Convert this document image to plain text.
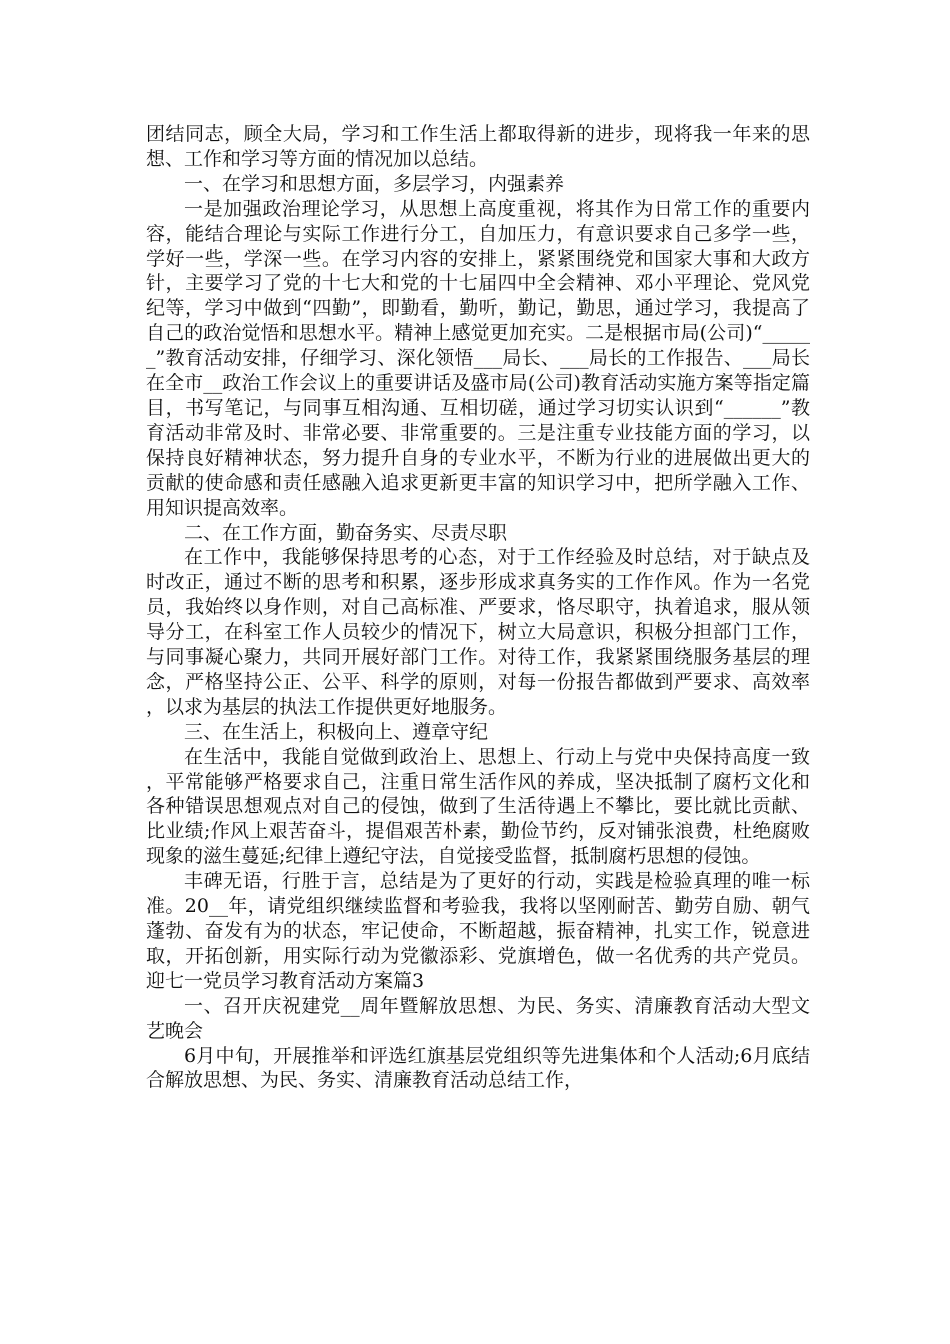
团结同志，顾全大局，学习和工作生活上都取得新的进步，现将我一年来的思想、工作和学习等方面的情况加以总结。

一、在学习和思想方面，多层学习，内强素养

一是加强政治理论学习，从思想上高度重视，将其作为日常工作的重要内容，能结合理论与实际工作进行分工，自加压力，有意识要求自己多学一些，学好一些，学深一些。在学习内容的安排上，紧紧围绕党和国家大事和大政方针，主要学习了党的十七大和党的十七届四中全会精神、邓小平理论、党风党纪等，学习中做到“四勤”，即勤看，勤听，勤记，勤思，通过学习，我提高了自己的政治觉悟和思想水平。精神上感觉更加充实。二是根据市局(公司)“______”教育活动安排，仔细学习、深化领悟___局长、___局长的工作报告、___局长在全市__政治工作会议上的重要讲话及盛市局(公司)教育活动实施方案等指定篇目，书写笔记，与同事互相沟通、互相切磋，通过学习切实认识到“______”教育活动非常及时、非常必要、非常重要的。三是注重专业技能方面的学习，以保持良好精神状态，努力提升自身的专业水平，不断为行业的进展做出更大的贡献的使命感和责任感融入追求更新更丰富的知识学习中，把所学融入工作、用知识提高效率。

二、在工作方面，勤奋务实、尽责尽职

在工作中，我能够保持思考的心态，对于工作经验及时总结，对于缺点及时改正，通过不断的思考和积累，逐步形成求真务实的工作作风。作为一名党员，我始终以身作则，对自己高标准、严要求，恪尽职守，执着追求，服从领导分工，在科室工作人员较少的情况下，树立大局意识，积极分担部门工作，与同事凝心聚力，共同开展好部门工作。对待工作，我紧紧围绕服务基层的理念，严格坚持公正、公平、科学的原则，对每一份报告都做到严要求、高效率，以求为基层的执法工作提供更好地服务。

三、在生活上，积极向上、遵章守纪

在生活中，我能自觉做到政治上、思想上、行动上与党中央保持高度一致，平常能够严格要求自己，注重日常生活作风的养成，坚决抵制了腐朽文化和各种错误思想观点对自己的侵蚀，做到了生活待遇上不攀比，要比就比贡献、比业绩;作风上艰苦奋斗，提倡艰苦朴素，勤俭节约，反对铺张浪费，杜绝腐败现象的滋生蔓延;纪律上遵纪守法，自觉接受监督，抵制腐朽思想的侵蚀。

丰碑无语，行胜于言，总结是为了更好的行动，实践是检验真理的唯一标准。20__年，请党组织继续监督和考验我，我将以坚刚耐苦、勤劳自励、朝气蓬勃、奋发有为的状态，牢记使命，不断超越，振奋精神，扎实工作，锐意进取，开拓创新，用实际行动为党徽添彩、党旗增色，做一名优秀的共产党员。迎七一党员学习教育活动方案篇3

一、召开庆祝建党__周年暨解放思想、为民、务实、清廉教育活动大型文艺晚会

6月中旬，开展推举和评选红旗基层党组织等先进集体和个人活动;6月底结合解放思想、为民、务实、清廉教育活动总结工作，
